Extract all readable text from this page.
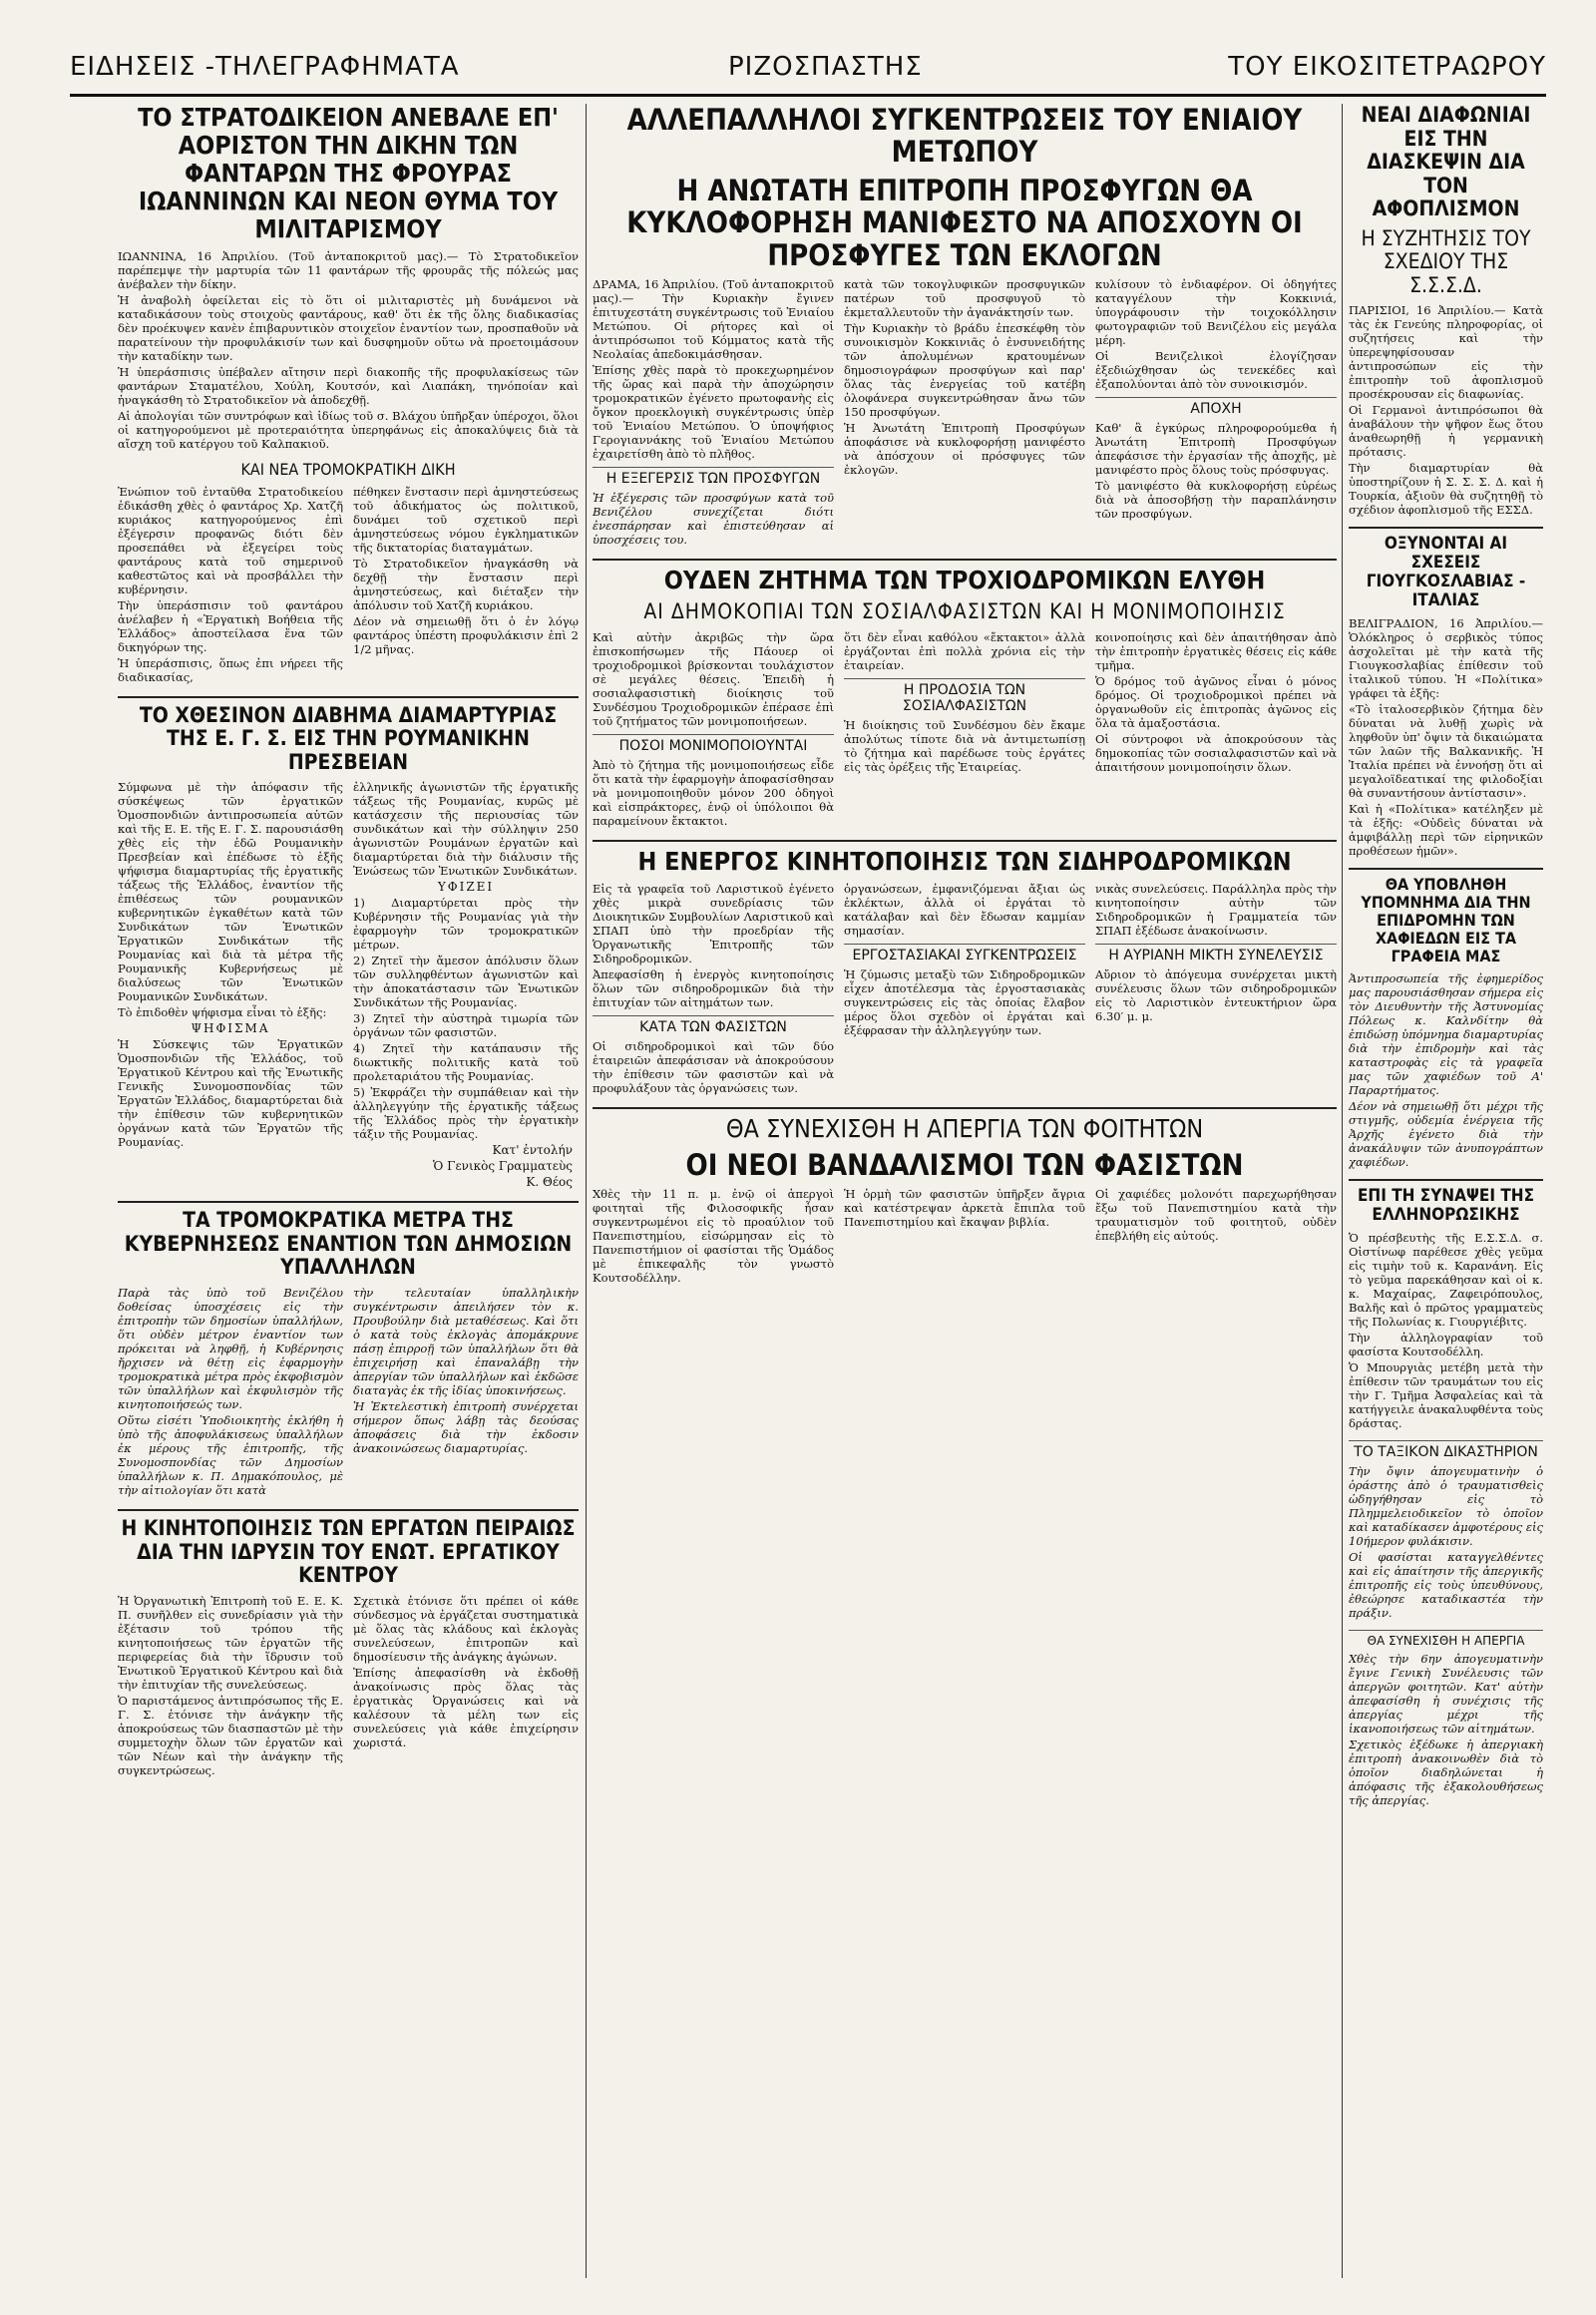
ΕΙΔΗΣΕΙΣ -ΤΗΛΕΓΡΑΦΗΜΑΤΑ	ΡΙΖΟΣΠΑΣΤΗΣ	ΤΟΥ ΕΙΚΟΣΙΤΕΤΡΑΩΡΟΥ
ΤΟ ΣΤΡΑΤΟΔΙΚΕΙΟΝ ΑΝΕΒΑΛΕ ΕΠ' ΑΟΡΙΣΤΟΝ ΤΗΝ ΔΙΚΗΝ ΤΩΝ ΦΑΝΤΑΡΩΝ ΤΗΣ ΦΡΟΥΡΑΣ ΙΩΑΝΝΙΝΩΝ ΚΑΙ ΝΕΟΝ ΘΥΜΑ ΤΟΥ ΜΙΛΙΤΑΡΙΣΜΟΥ

ΙΩΑΝΝΙΝΑ, 16 Ἀπριλίου. (Τοῦ ἀνταποκριτοῦ μας).— Τὸ Στρατοδικεῖον παρέπεμψε τὴν μαρτυρία τῶν 11 φαντάρων τῆς φρουρᾶς τῆς πόλεώς μας ἀνέβαλεν τὴν δίκην.

Ἡ ἀναβολὴ ὀφείλεται εἰς τὸ ὅτι οἱ μιλιταριστὲς μὴ δυνάμενοι νὰ καταδικάσουν τοὺς στοιχοὺς φαντάρους, καθ' ὅτι ἐκ τῆς ὅλης διαδικασίας δὲν προέκυψεν κανὲν ἐπιβαρυντικὸν στοιχεῖον ἐναντίον των, προσπαθοῦν νὰ παρατείνουν τὴν προφυλάκισίν των καὶ δυσφημοῦν οὕτω νὰ προετοιμάσουν τὴν καταδίκην των.

Ἡ ὑπεράσπισις ὑπέβαλεν αἴτησιν περὶ διακοπῆς τῆς προφυλακίσεως τῶν φαντάρων Σταματέλου, Χούλη, Κουτσόν, καὶ Λιαπάκη, τηνόποίαν καὶ ἠναγκάσθη τὸ Στρατοδικεῖον νὰ ἀποδεχθῇ.

Αἱ ἀπολογίαι τῶν συντρόφων καὶ ἰδίως τοῦ σ. Βλάχου ὑπῆρξαν ὑπέροχοι, ὅλοι οἱ κατηγορούμενοι μὲ προτεραιότητα ὑπερηφάνως εἰς ἀποκαλύψεις διὰ τὰ αἴσχη τοῦ κατέργου τοῦ Καλπακιοῦ.

ΚΑΙ ΝΕΑ ΤΡΟΜΟΚΡΑΤΙΚΗ ΔΙΚΗ

Ἐνώπιον τοῦ ἐνταῦθα Στρατοδικείου ἐδικάσθη χθὲς ὁ φαντάρος Χρ. Χατζῆ κυριάκος κατηγορούμενος ἐπὶ ἐξέγερσιν προφανῶς διότι δὲν προσεπάθει νὰ ἐξεγείρει τοὺς φαντάρους κατὰ τοῦ σημερινοῦ καθεστῶτος καὶ νὰ προσβάλλει τὴν κυβέρνησιν.

Τὴν ὑπεράσπισιν τοῦ φαντάρου ἀνέλαβεν ἡ «Ἐργατικὴ Βοήθεια τῆς Ἑλλάδος» ἀποστείλασα ἕνα τῶν δικηγόρων της.

Ἡ ὑπεράσπισις, ὅπως ἐπι νήρεει τῆς διαδικασίας,

πέθηκεν ἔνστασιν περὶ ἀμνηστεύσεως τοῦ ἀδικήματος ὡς πολιτικοῦ, δυνάμει τοῦ σχετικοῦ περὶ ἀμνηστεύσεως νόμου ἐγκληματικῶν τῆς δικτατορίας διαταγμάτων.

Τὸ Στρατοδικεῖον ἠναγκάσθη νὰ δεχθῇ τὴν ἔνστασιν περὶ ἀμνηστεύσεως, καὶ διέταξεν τὴν ἀπόλυσιν τοῦ Χατζῆ κυριάκου.

Δέον νὰ σημειωθῇ ὅτι ὁ ἐν λόγῳ φαντάρος ὑπέστη προφυλάκισιν ἐπὶ 2 1/2 μῆνας.

ΤΟ ΧΘΕΣΙΝΟΝ ΔΙΑΒΗΜΑ ΔΙΑΜΑΡΤΥΡΙΑΣ ΤΗΣ Ε. Γ. Σ. ΕΙΣ ΤΗΝ ΡΟΥΜΑΝΙΚΗΝ ΠΡΕΣΒΕΙΑΝ

Σύμφωνα μὲ τὴν ἀπόφασιν τῆς σύσκέψεως τῶν ἐργατικῶν Ὁμοσπονδιῶν ἀντιπροσωπεία αὐτῶν καὶ τῆς Ε. Ε. τῆς Ε. Γ. Σ. παρουσιάσθη χθὲς εἰς τὴν ἐδῶ Ρουμανικὴν Πρεσβείαν καὶ ἐπέδωσε τὸ ἑξῆς ψήφισμα διαμαρτυρίας τῆς ἐργατικῆς τάξεως τῆς Ἑλλάδος, ἐναντίον τῆς ἐπιθέσεως τῶν ρουμανικῶν κυβερνητικῶν ἐγκαθέτων κατὰ τῶν Συνδικάτων τῶν Ἑνωτικῶν Ἐργατικῶν Συνδικάτων τῆς Ρουμανίας καὶ διὰ τὰ μέτρα τῆς Ρουμανικῆς Κυβερνήσεως μὲ διαλύσεως τῶν Ἑνωτικῶν Ρουμανικῶν Συνδικάτων.

Τὸ ἐπιδοθὲν ψήφισμα εἶναι τὸ ἑξῆς:

ΨΗΦΙΣΜΑ

Ἡ Σύσκεψις τῶν Ἐργατικῶν Ὁμοσπονδιῶν τῆς Ἑλλάδος, τοῦ Ἐργατικοῦ Κέντρου καὶ τῆς Ἑνωτικῆς Γενικῆς Συνομοσπονδίας τῶν Ἐργατῶν Ἑλλάδος, διαμαρτύρεται διὰ τὴν ἐπίθεσιν τῶν κυβερνητικῶν ὀργάνων κατὰ τῶν Ἐργατῶν τῆς Ρουμανίας.

ἐλληνικῆς ἀγωνιστῶν τῆς ἐργατικῆς τάξεως τῆς Ρουμανίας, κυρῶς μὲ κατάσχεσιν τῆς περιουσίας τῶν συνδικάτων καὶ τὴν σύλληψιν 250 ἀγωνιστῶν Ρουμάνων ἐργατῶν καὶ διαμαρτύρεται διὰ τὴν διάλυσιν τῆς Ἑνώσεως τῶν Ἑνωτικῶν Συνδικάτων.

ΥΦΙΖΕΙ

1) Διαμαρτύρεται πρὸς τὴν Κυβέρνησιν τῆς Ρουμανίας γιὰ τὴν ἐφαρμογὴν τῶν τρομοκρατικῶν μέτρων.

2) Ζητεῖ τὴν ἄμεσον ἀπόλυσιν ὅλων τῶν συλληφθέντων ἀγωνιστῶν καὶ τὴν ἀποκατάστασιν τῶν Ἑνωτικῶν Συνδικάτων τῆς Ρουμανίας.

3) Ζητεῖ τὴν αὐστηρὰ τιμωρία τῶν ὀργάνων τῶν φασιστῶν.

4) Ζητεῖ τὴν κατάπαυσιν τῆς διωκτικῆς πολιτικῆς κατὰ τοῦ προλεταριάτου τῆς Ρουμανίας.

5) Ἐκφράζει τὴν συμπάθειαν καὶ τὴν ἀλληλεγγύην τῆς ἐργατικῆς τάξεως τῆς Ἑλλάδος πρὸς τὴν ἐργατικὴν τάξιν τῆς Ρουμανίας.

Κατ' ἐντολήν

Ὁ Γενικὸς Γραμματεὺς

Κ. Θέος

ΤΑ ΤΡΟΜΟΚΡΑΤΙΚΑ ΜΕΤΡΑ ΤΗΣ ΚΥΒΕΡΝΗΣΕΩΣ ΕΝΑΝΤΙΟΝ ΤΩΝ ΔΗΜΟΣΙΩΝ ΥΠΑΛΛΗΛΩΝ

Παρὰ τὰς ὑπὸ τοῦ Βενιζέλου δοθείσας ὑποσχέσεις εἰς τὴν ἐπιτροπὴν τῶν δημοσίων ὑπαλλήλων, ὅτι οὐδὲν μέτρον ἐναντίον των πρόκειται νὰ ληφθῇ, ἡ Κυβέρνησις ἤρχισεν νὰ θέτῃ εἰς ἐφαρμογὴν τρομοκρατικὰ μέτρα πρὸς ἐκφοβισμὸν τῶν ὑπαλλήλων καὶ ἐκφυλισμὸν τῆς κινητοποιήσεώς των.

Οὕτω εἰσέτι Ὑποδιοικητὴς ἐκλήθη ἡ ὑπὸ τῆς ἀποφυλάκισεως ὑπαλλήλων ἐκ μέρους τῆς ἐπιτροπῆς, τῆς Συνομοσπονδίας τῶν Δημοσίων ὑπαλλήλων κ. Π. Δημακόπουλος, μὲ τὴν αἰτιολογίαν ὅτι κατὰ

τὴν τελευταίαν ὑπαλληλικὴν συγκέντρωσιν ἀπειλήσεν τὸν κ. Προυβούλην διὰ μεταθέσεως. Καὶ ὅτι ὁ κατὰ τοὺς ἐκλογὰς ἀπομάκρυνε πάσῃ ἐπιρροῇ τῶν ὑπαλλήλων ὅτι θὰ ἐπιχειρήσῃ καὶ ἐπαναλάβῃ τὴν ἀπεργίαν τῶν ὑπαλλήλων καὶ ἐκδῶσε διαταγὰς ἐκ τῆς ἰδίας ὑποκινήσεως.

Ἡ Ἐκτελεστικὴ ἐπιτροπὴ συνέρχεται σήμερον ὅπως λάβῃ τὰς δεούσας ἀποφάσεις διὰ τὴν ἐκδοσιν ἀνακοινώσεως διαμαρτυρίας.

Η ΚΙΝΗΤΟΠΟΙΗΣΙΣ ΤΩΝ ΕΡΓΑΤΩΝ ΠΕΙΡΑΙΩΣ ΔΙΑ ΤΗΝ ΙΔΡΥΣΙΝ ΤΟΥ ΕΝΩΤ. ΕΡΓΑΤΙΚΟΥ ΚΕΝΤΡΟΥ

Ἡ Ὀργανωτικὴ Ἐπιτροπὴ τοῦ Ε. Ε. Κ. Π. συνῆλθεν εἰς συνεδρίασιν γιὰ τὴν ἐξέτασιν τοῦ τρόπου τῆς κινητοποιήσεως τῶν ἐργατῶν τῆς περιφερείας διὰ τὴν ἵδρυσιν τοῦ Ἑνωτικοῦ Ἐργατικοῦ Κέντρου καὶ διὰ τὴν ἐπιτυχίαν τῆς συνελεύσεως.

Ὁ παριστάμενος ἀντιπρόσωπος τῆς Ε. Γ. Σ. ἐτόνισε τὴν ἀνάγκην τῆς ἀποκρούσεως τῶν διασπαστῶν μὲ τὴν συμμετοχὴν ὅλων τῶν ἐργατῶν καὶ τῶν Νέων καὶ τὴν ἀνάγκην τῆς συγκεντρώσεως.

Σχετικὰ ἐτόνισε ὅτι πρέπει οἱ κάθε σύνδεσμος νὰ ἐργάζεται συστηματικὰ μὲ ὅλας τὰς κλάδους καὶ ἐκλογὰς συνελεύσεων, ἐπιτροπῶν καὶ δημοσίευσιν τῆς ἀνάγκης ἀγώνων.

Ἐπίσης ἀπεφασίσθη νὰ ἐκδοθῇ ἀνακοίνωσις πρὸς ὅλας τὰς ἐργατικὰς Ὀργανώσεις καὶ νὰ καλέσουν τὰ μέλη των εἰς συνελεύσεις γιὰ κάθε ἐπιχείρησιν χωριστά.

ΑΛΛΕΠΑΛΛΗΛΟΙ ΣΥΓΚΕΝΤΡΩΣΕΙΣ ΤΟΥ ΕΝΙΑΙΟΥ ΜΕΤΩΠΟΥ
Η ΑΝΩΤΑΤΗ ΕΠΙΤΡΟΠΗ ΠΡΟΣΦΥΓΩΝ ΘΑ ΚΥΚΛΟΦΟΡΗΣΗ ΜΑΝΙΦΕΣΤΟ ΝΑ ΑΠΟΣΧΟΥΝ ΟΙ ΠΡΟΣΦΥΓΕΣ ΤΩΝ ΕΚΛΟΓΩΝ

ΔΡΑΜΑ, 16 Ἀπριλίου. (Τοῦ ἀνταποκριτοῦ μας).— Τὴν Κυριακὴν ἔγινεν ἐπιτυχεστάτη συγκέντρωσις τοῦ Ἑνιαίου Μετώπου. Οἱ ρήτορες καὶ οἱ ἀντιπρόσωποι τοῦ Κόμματος κατὰ τῆς Νεολαίας ἀπεδοκιμάσθησαν.

Ἐπίσης χθὲς παρὰ τὸ προκεχωρημένον τῆς ὥρας καὶ παρὰ τὴν ἀποχώρησιν τρομοκρατικῶν ἐγένετο πρωτοφανὴς εἰς ὄγκον προεκλογικὴ συγκέντρωσις ὑπὲρ τοῦ Ἑνιαίου Μετώπου. Ὁ ὑποψήφιος Γερογιαννάκης τοῦ Ἑνιαίου Μετώπου ἐχαιρετίσθη ἀπὸ τὸ πλῆθος.

Η ΕΞΕΓΕΡΣΙΣ ΤΩΝ ΠΡΟΣΦΥΓΩΝ

Ἡ ἐξέγερσις τῶν προσφύγων κατὰ τοῦ Βενιζέλου συνεχίζεται διότι ἐνεσπάρησαν καὶ ἐπιστεύθησαν αἱ ὑποσχέσεις του.

κατὰ τῶν τοκογλυφικῶν προσφυγικῶν πατέρων τοῦ προσφυγοῦ τὸ ἐκμεταλλευτοῦν τὴν ἀγανάκτησίν των.

Τὴν Κυριακὴν τὸ βράδυ ἐπεσκέφθη τὸν συνοικισμὸν Κοκκινιᾶς ὁ ἐνσυνειδήτης τῶν ἀπολυμένων κρατουμένων δημοσιογράφων προσφύγων καὶ παρ' ὅλας τὰς ἐνεργείας τοῦ κατέβη ὁλοφάνερα συγκεντρώθησαν ἄνω τῶν 150 προσφύγων.

Ἡ Ἀνωτάτη Ἐπιτροπὴ Προσφύγων ἀποφάσισε νὰ κυκλοφορήσῃ μανιφέστο νὰ ἀπόσχουν οἱ πρόσφυγες τῶν ἐκλογῶν.

κυλίσουν τὸ ἐνδιαφέρον. Οἱ ὀδηγήτες καταγγέλουν τὴν Κοκκινιά, ὑπογράφουσιν τὴν τοιχοκόλλησιν φωτογραφιῶν τοῦ Βενιζέλου εἰς μεγάλα μέρη.

Οἱ Βενιζελικοὶ ἐλογίζησαν ἐξεδιώχθησαν ὡς τενεκέδες καὶ ἐξαπολύονται ἀπὸ τὸν συνοικισμόν.

ΑΠΟΧΗ

Καθ' ἃ ἐγκύρως πληροφορούμεθα ἡ Ἀνωτάτη Ἐπιτροπὴ Προσφύγων ἀπεφάσισε τὴν ἐργασίαν τῆς ἀποχῆς, μὲ μανιφέστο πρὸς ὅλους τοὺς πρόσφυγας.

Τὸ μανιφέστο θὰ κυκλοφορήσῃ εὐρέως διὰ νὰ ἀποσοβήσῃ τὴν παραπλάνησιν τῶν προσφύγων.

ΟΥΔΕΝ ΖΗΤΗΜΑ ΤΩΝ ΤΡΟΧΙΟΔΡΟΜΙΚΩΝ ΕΛΥΘΗ
ΑΙ ΔΗΜΟΚΟΠΙΑΙ ΤΩΝ ΣΟΣΙΑΛΦΑΣΙΣΤΩΝ ΚΑΙ Η ΜΟΝΙΜΟΠΟΙΗΣΙΣ

Καὶ αὐτὴν ἀκριβῶς τὴν ὥρα ἐπισκοπήσωμεν τῆς Πάουερ οἱ τροχιοδρομικοὶ βρίσκονται τουλάχιστον σὲ μεγάλες θέσεις. Ἐπειδὴ ἡ σοσιαλφασιστικὴ διοίκησις τοῦ Συνδέσμου Τροχιοδρομικῶν ἐπέρασε ἐπὶ τοῦ ζητήματος τῶν μονιμοποιήσεων.

ΠΟΣΟΙ ΜΟΝΙΜΟΠΟΙΟΥΝΤΑΙ

Ἀπὸ τὸ ζήτημα τῆς μονιμοποιήσεως εἶδε ὅτι κατὰ τὴν ἐφαρμογὴν ἀποφασίσθησαν νὰ μονιμοποιηθοῦν μόνον 200 ὁδηγοὶ καὶ εἰσπράκτορες, ἐνῷ οἱ ὑπόλοιποι θὰ παραμείνουν ἔκτακτοι.

ὅτι δὲν εἶναι καθόλου «ἔκτακτοι» ἀλλὰ ἐργάζονται ἐπὶ πολλὰ χρόνια εἰς τὴν ἐταιρείαν.

Η ΠΡΟΔΟΣΙΑ ΤΩΝ ΣΟΣΙΑΛΦΑΣΙΣΤΩΝ

Ἡ διοίκησις τοῦ Συνδέσμου δὲν ἔκαμε ἀπολύτως τίποτε διὰ νὰ ἀντιμετωπίσῃ τὸ ζήτημα καὶ παρέδωσε τοὺς ἐργάτες εἰς τὰς ὀρέξεις τῆς Ἑταιρείας.

κοινοποίησις καὶ δὲν ἀπαιτήθησαν ἀπὸ τὴν ἐπιτροπὴν ἐργατικὲς θέσεις εἰς κάθε τμῆμα.

Ὁ δρόμος τοῦ ἀγῶνος εἶναι ὁ μόνος δρόμος. Οἱ τροχιοδρομικοὶ πρέπει νὰ ὀργανωθοῦν εἰς ἐπιτροπὰς ἀγῶνος εἰς ὅλα τὰ ἀμαξοστάσια.

Οἱ σύντροφοι νὰ ἀποκρούσουν τὰς δημοκοπίας τῶν σοσιαλφασιστῶν καὶ νὰ ἀπαιτήσουν μονιμοποίησιν ὅλων.

Η ΕΝΕΡΓΟΣ ΚΙΝΗΤΟΠΟΙΗΣΙΣ ΤΩΝ ΣΙΔΗΡΟΔΡΟΜΙΚΩΝ

Εἰς τὰ γραφεῖα τοῦ Λαριστικοῦ ἐγένετο χθὲς μικρὰ συνεδρίασις τῶν Διοικητικῶν Συμβουλίων Λαριστικοῦ καὶ ΣΠΑΠ ὑπὸ τὴν προεδρίαν τῆς Ὁργανωτικῆς Ἐπιτροπῆς τῶν Σιδηροδρομικῶν.

Ἀπεφασίσθη ἡ ἐνεργὸς κινητοποίησις ὅλων τῶν σιδηροδρομικῶν διὰ τὴν ἐπιτυχίαν τῶν αἰτημάτων των.

ΚΑΤΑ ΤΩΝ ΦΑΣΙΣΤΩΝ

Οἱ σιδηροδρομικοὶ καὶ τῶν δύο ἑταιρειῶν ἀπεφάσισαν νὰ ἀποκρούσουν τὴν ἐπίθεσιν τῶν φασιστῶν καὶ νὰ προφυλάξουν τὰς ὀργανώσεις των.

ὀργανώσεων, ἐμφανιζόμεναι ἄξιαι ὡς ἐκλέκτων, ἀλλὰ οἱ ἐργάται τὸ κατάλαβαν καὶ δὲν ἔδωσαν καμμίαν σημασίαν.

ΕΡΓΟΣΤΑΣΙΑΚΑΙ ΣΥΓΚΕΝΤΡΩΣΕΙΣ

Ἡ ζύμωσις μεταξὺ τῶν Σιδηροδρομικῶν εἶχεν ἀποτέλεσμα τὰς ἐργοστασιακὰς συγκεντρώσεις εἰς τὰς ὁποίας ἔλαβον μέρος ὅλοι σχεδὸν οἱ ἐργάται καὶ ἐξέφρασαν τὴν ἀλληλεγγύην των.

νικὰς συνελεύσεις. Παράλληλα πρὸς τὴν κινητοποίησιν αὐτὴν τῶν Σιδηροδρομικῶν ἡ Γραμματεία τῶν ΣΠΑΠ ἐξέδωσε ἀνακοίνωσιν.

Η ΑΥΡΙΑΝΗ ΜΙΚΤΗ ΣΥΝΕΛΕΥΣΙΣ

Αὔριον τὸ ἀπόγευμα συνέρχεται μικτὴ συνέλευσις ὅλων τῶν σιδηροδρομικῶν εἰς τὸ Λαριστικὸν ἐντευκτήριον ὥρα 6.30′ μ. μ.

ΘΑ ΣΥΝΕΧΙΣΘΗ Η ΑΠΕΡΓΙΑ ΤΩΝ ΦΟΙΤΗΤΩΝ
ΟΙ ΝΕΟΙ ΒΑΝΔΑΛΙΣΜΟΙ ΤΩΝ ΦΑΣΙΣΤΩΝ

Χθὲς τὴν 11 π. μ. ἐνῷ οἱ ἀπεργοὶ φοιτηταὶ τῆς Φιλοσοφικῆς ἦσαν συγκεντρωμένοι εἰς τὸ προαύλιον τοῦ Πανεπιστημίου, εἰσώρμησαν εἰς τὸ Πανεπιστήμιον οἱ φασίσται τῆς Ὁμάδος μὲ ἐπικεφαλῆς τὸν γνωστὸ Κουτσοδέλλην.

Ἡ ὁρμὴ τῶν φασιστῶν ὑπῆρξεν ἄγρια καὶ κατέστρεψαν ἀρκετὰ ἔπιπλα τοῦ Πανεπιστημίου καὶ ἔκαψαν βιβλία.

Οἱ χαφιέδες μολονότι παρεχωρήθησαν ἔξω τοῦ Πανεπιστημίου κατὰ τὴν τραυματισμὸν τοῦ φοιτητοῦ, οὐδὲν ἐπεβλήθη εἰς αὐτούς.

ΝΕΑΙ ΔΙΑΦΩΝΙΑΙ ΕΙΣ ΤΗΝ ΔΙΑΣΚΕΨΙΝ ΔΙΑ ΤΟΝ ΑΦΟΠΛΙΣΜΟΝ
Η ΣΥΖΗΤΗΣΙΣ ΤΟΥ ΣΧΕΔΙΟΥ ΤΗΣ Σ.Σ.Σ.Δ.

ΠΑΡΙΣΙΟΙ, 16 Ἀπριλίου.— Κατὰ τὰς ἐκ Γενεύης πληροφορίας, οἱ συζητήσεις καὶ τὴν ὑπερεψηφίσουσαν ἀντιπροσώπων εἰς τὴν ἐπιτροπὴν τοῦ ἀφοπλισμοῦ προσέκρουσαν εἰς διαφωνίας.

Οἱ Γερμανοὶ ἀντιπρόσωποι θὰ ἀναβάλουν τὴν ψῆφον ἕως ὅτου ἀναθεωρηθῇ ἡ γερμανικὴ πρότασις.

Τὴν διαμαρτυρίαν θὰ ὑποστηρίζουν ἡ Σ. Σ. Σ. Δ. καὶ ἡ Τουρκία, ἀξιοῦν θὰ συζητηθῇ τὸ σχέδιον ἀφοπλισμοῦ τῆς ΕΣΣΔ.

ΟΞΥΝΟΝΤΑΙ ΑΙ ΣΧΕΣΕΙΣ ΓΙΟΥΓΚΟΣΛΑΒΙΑΣ - ΙΤΑΛΙΑΣ

ΒΕΛΙΓΡΑΔΙΟΝ, 16 Ἀπριλίου.— Ὁλόκληρος ὁ σερβικὸς τύπος ἀσχολεῖται μὲ τὴν κατὰ τῆς Γιουγκοσλαβίας ἐπίθεσιν τοῦ ἰταλικοῦ τύπου. Ἡ «Πολίτικα» γράφει τὰ ἑξῆς:

«Τὸ ἰταλοσερβικὸν ζήτημα δὲν δύναται νὰ λυθῇ χωρὶς νὰ ληφθοῦν ὑπ' ὄψιν τὰ δικαιώματα τῶν λαῶν τῆς Βαλκανικῆς. Ἡ Ἰταλία πρέπει νὰ ἐννοήσῃ ὅτι αἱ μεγαλοϊδεατικαί της φιλοδοξίαι θὰ συναντήσουν ἀντίστασιν».

Καὶ ἡ «Πολίτικα» κατέληξεν μὲ τὰ ἑξῆς: «Οὐδεὶς δύναται νὰ ἀμφιβάλλῃ περὶ τῶν εἰρηνικῶν προθέσεων ἡμῶν».

ΘΑ ΥΠΟΒΛΗΘΗ ΥΠΟΜΝΗΜΑ ΔΙΑ ΤΗΝ ΕΠΙΔΡΟΜΗΝ ΤΩΝ ΧΑΦΙΕΔΩΝ ΕΙΣ ΤΑ ΓΡΑΦΕΙΑ ΜΑΣ

Ἀντιπροσωπεία τῆς ἐφημερίδος μας παρουσιάσθησαν σήμερα εἰς τὸν Διευθυντὴν τῆς Ἀστυνομίας Πόλεως κ. Καλνδίτην θὰ ἐπιδώσῃ ὑπόμνημα διαμαρτυρίας διὰ τὴν ἐπιδρομὴν καὶ τὰς καταστροφὰς εἰς τὰ γραφεῖα μας τῶν χαφιέδων τοῦ Α' Παραρτήματος.

Δέον νὰ σημειωθῇ ὅτι μέχρι τῆς στιγμῆς, οὐδεμία ἐνέργεια τῆς Ἀρχῆς ἐγένετο διὰ τὴν ἀνακάλυψιν τῶν ἀνυπογράπτων χαφιέδων.

ΕΠΙ ΤΗ ΣΥΝΑΨΕΙ ΤΗΣ ΕΛΛΗΝΟΡΩΣΙΚΗΣ

Ὁ πρέσβευτὴς τῆς Ε.Σ.Σ.Δ. σ. Οἰστίνωφ παρέθεσε χθὲς γεῦμα εἰς τιμὴν τοῦ κ. Καρανάνη. Εἰς τὸ γεῦμα παρεκάθησαν καὶ οἱ κ. κ. Μαχαίρας, Ζαφειρόπουλος, Βαλῆς καὶ ὁ πρῶτος γραμματεὺς τῆς Πολωνίας κ. Γιουργιέβιτς.

Τὴν ἀλληλογραφίαν τοῦ φασίστα Κουτσοδέλλη.

Ὁ Μπουργιὰς μετέβη μετὰ τὴν ἐπίθεσιν τῶν τραυμάτων του εἰς τὴν Γ. Τμῆμα Ἀσφαλείας καὶ τὰ κατήγγειλε ἀνακαλυφθέντα τοὺς δράστας.

ΤΟ ΤΑΞΙΚΟΝ ΔΙΚΑΣΤΗΡΙΟΝ

Τὴν ὄψιν ἀπογευματινὴν ὁ ὁράστης ἀπὸ ὁ τραυματισθεὶς ὡδηγήθησαν εἰς τὸ Πλημμελειοδικεῖον τὸ ὁποῖον καὶ καταδίκασεν ἀμφοτέρους εἰς 10ήμερον φυλάκισιν.

Οἱ φασίσται καταγγελθέντες καὶ εἰς ἀπαίτησιν τῆς ἀπεργικῆς ἐπιτροπῆς εἰς τοὺς ὑπευθύνους, ἐθεώρησε καταδικαστέα τὴν πράξιν.

ΘΑ ΣΥΝΕΧΙΣΘΗ Η ΑΠΕΡΓΙΑ

Χθὲς τὴν 6ην ἀπογευματινὴν ἔγινε Γενικὴ Συνέλευσις τῶν ἀπεργῶν φοιτητῶν. Κατ' αὐτὴν ἀπεφασίσθη ἡ συνέχισις τῆς ἀπεργίας μέχρι τῆς ἱκανοποιήσεως τῶν αἰτημάτων.

Σχετικὸς ἐξέδωκε ἡ ἀπεργιακὴ ἐπιτροπὴ ἀνακοινωθὲν διὰ τὸ ὁποῖον διαδηλώνεται ἡ ἀπόφασις τῆς ἐξακολουθήσεως τῆς ἀπεργίας.
